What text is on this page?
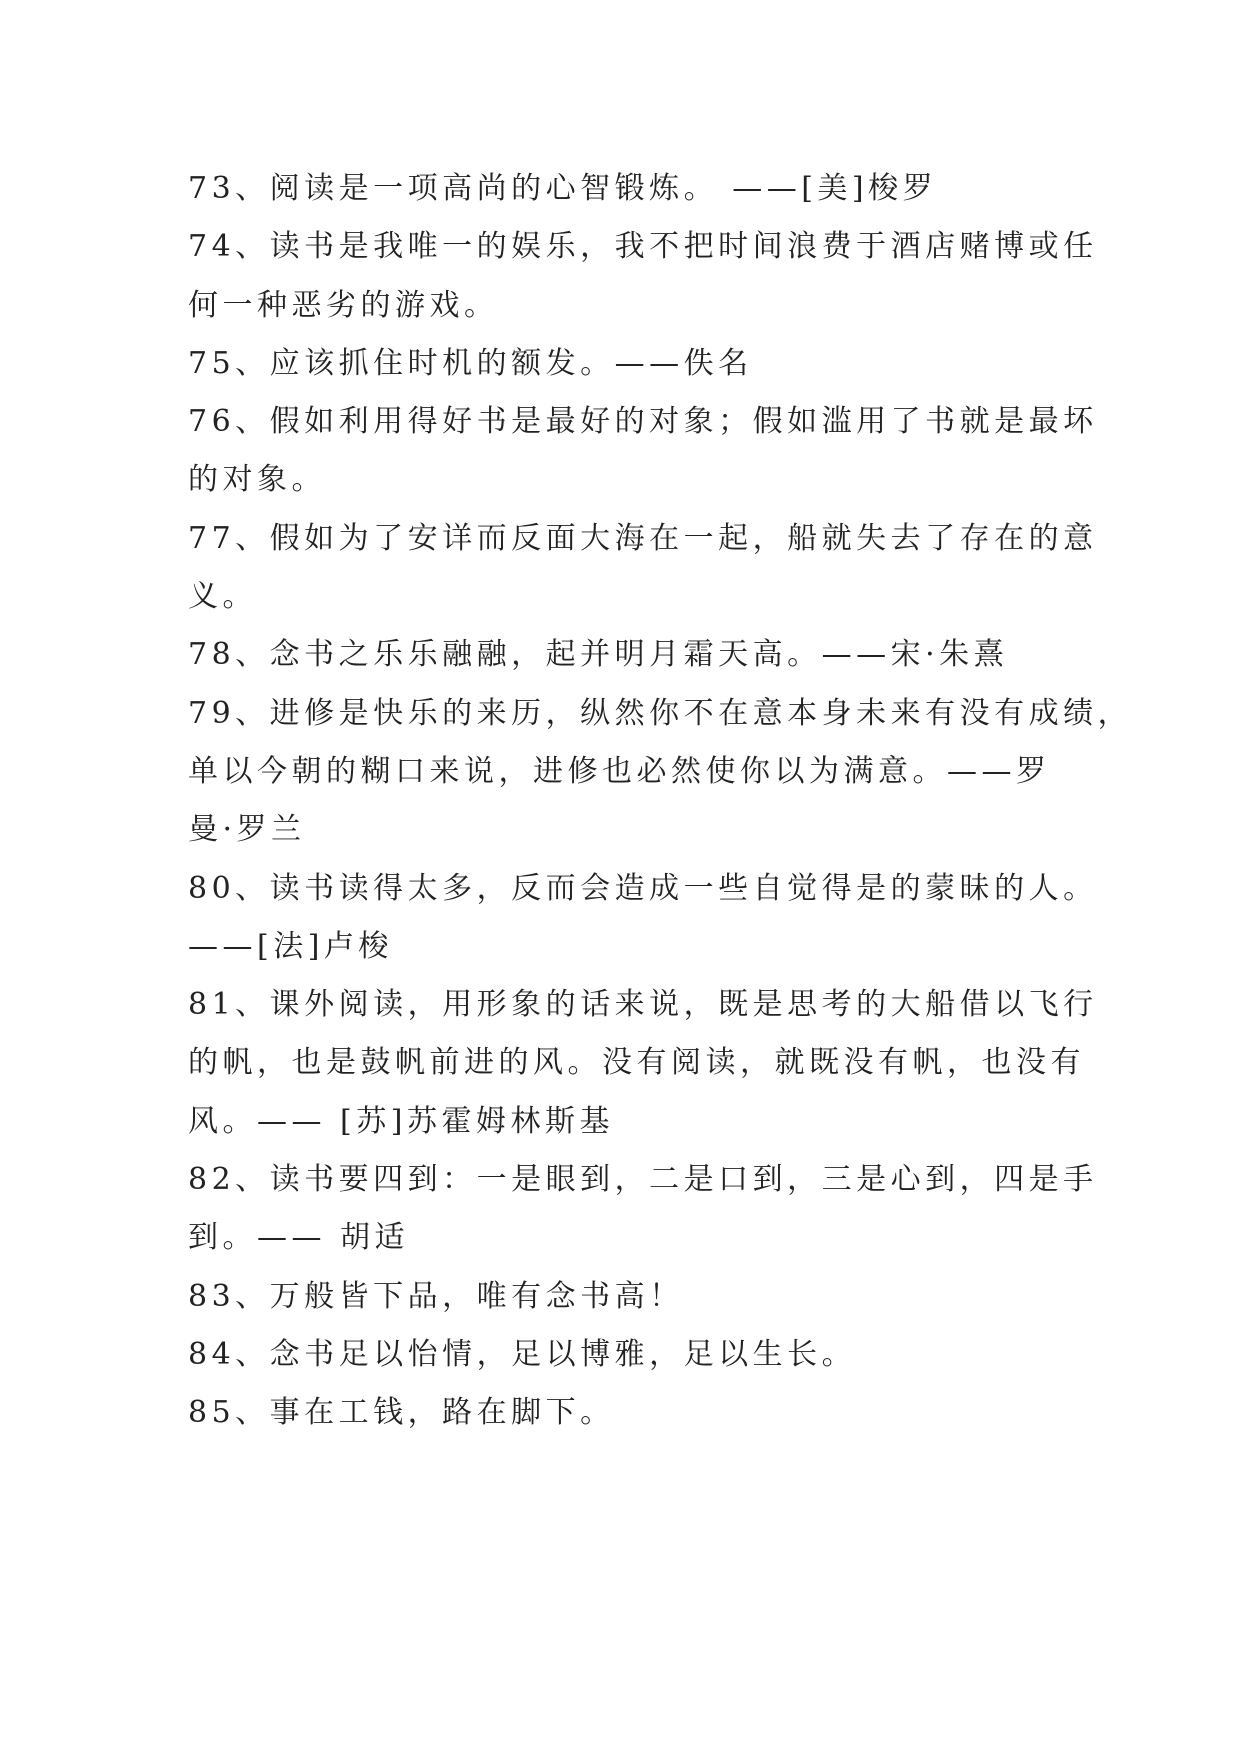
73、阅读是一项高尚的心智锻炼。 ——[美]梭罗
74、读书是我唯一的娱乐，我不把时间浪费于酒店赌博或任
何一种恶劣的游戏。
75、应该抓住时机的额发。——佚名
76、假如利用得好书是最好的对象；假如滥用了书就是最坏
的对象。
77、假如为了安详而反面大海在一起，船就失去了存在的意
义。
78、念书之乐乐融融，起并明月霜天高。——宋·朱熹
79、进修是快乐的来历，纵然你不在意本身未来有没有成绩，
单以今朝的糊口来说，进修也必然使你以为满意。——罗
曼·罗兰
80、读书读得太多，反而会造成一些自觉得是的蒙昧的人。
——[法]卢梭
81、课外阅读，用形象的话来说，既是思考的大船借以飞行
的帆，也是鼓帆前进的风。没有阅读，就既没有帆，也没有
风。—— [苏]苏霍姆林斯基
82、读书要四到：一是眼到，二是口到，三是心到，四是手
到。—— 胡适
83、万般皆下品，唯有念书高！
84、念书足以怡情，足以博雅，足以生长。
85、事在工钱，路在脚下。
